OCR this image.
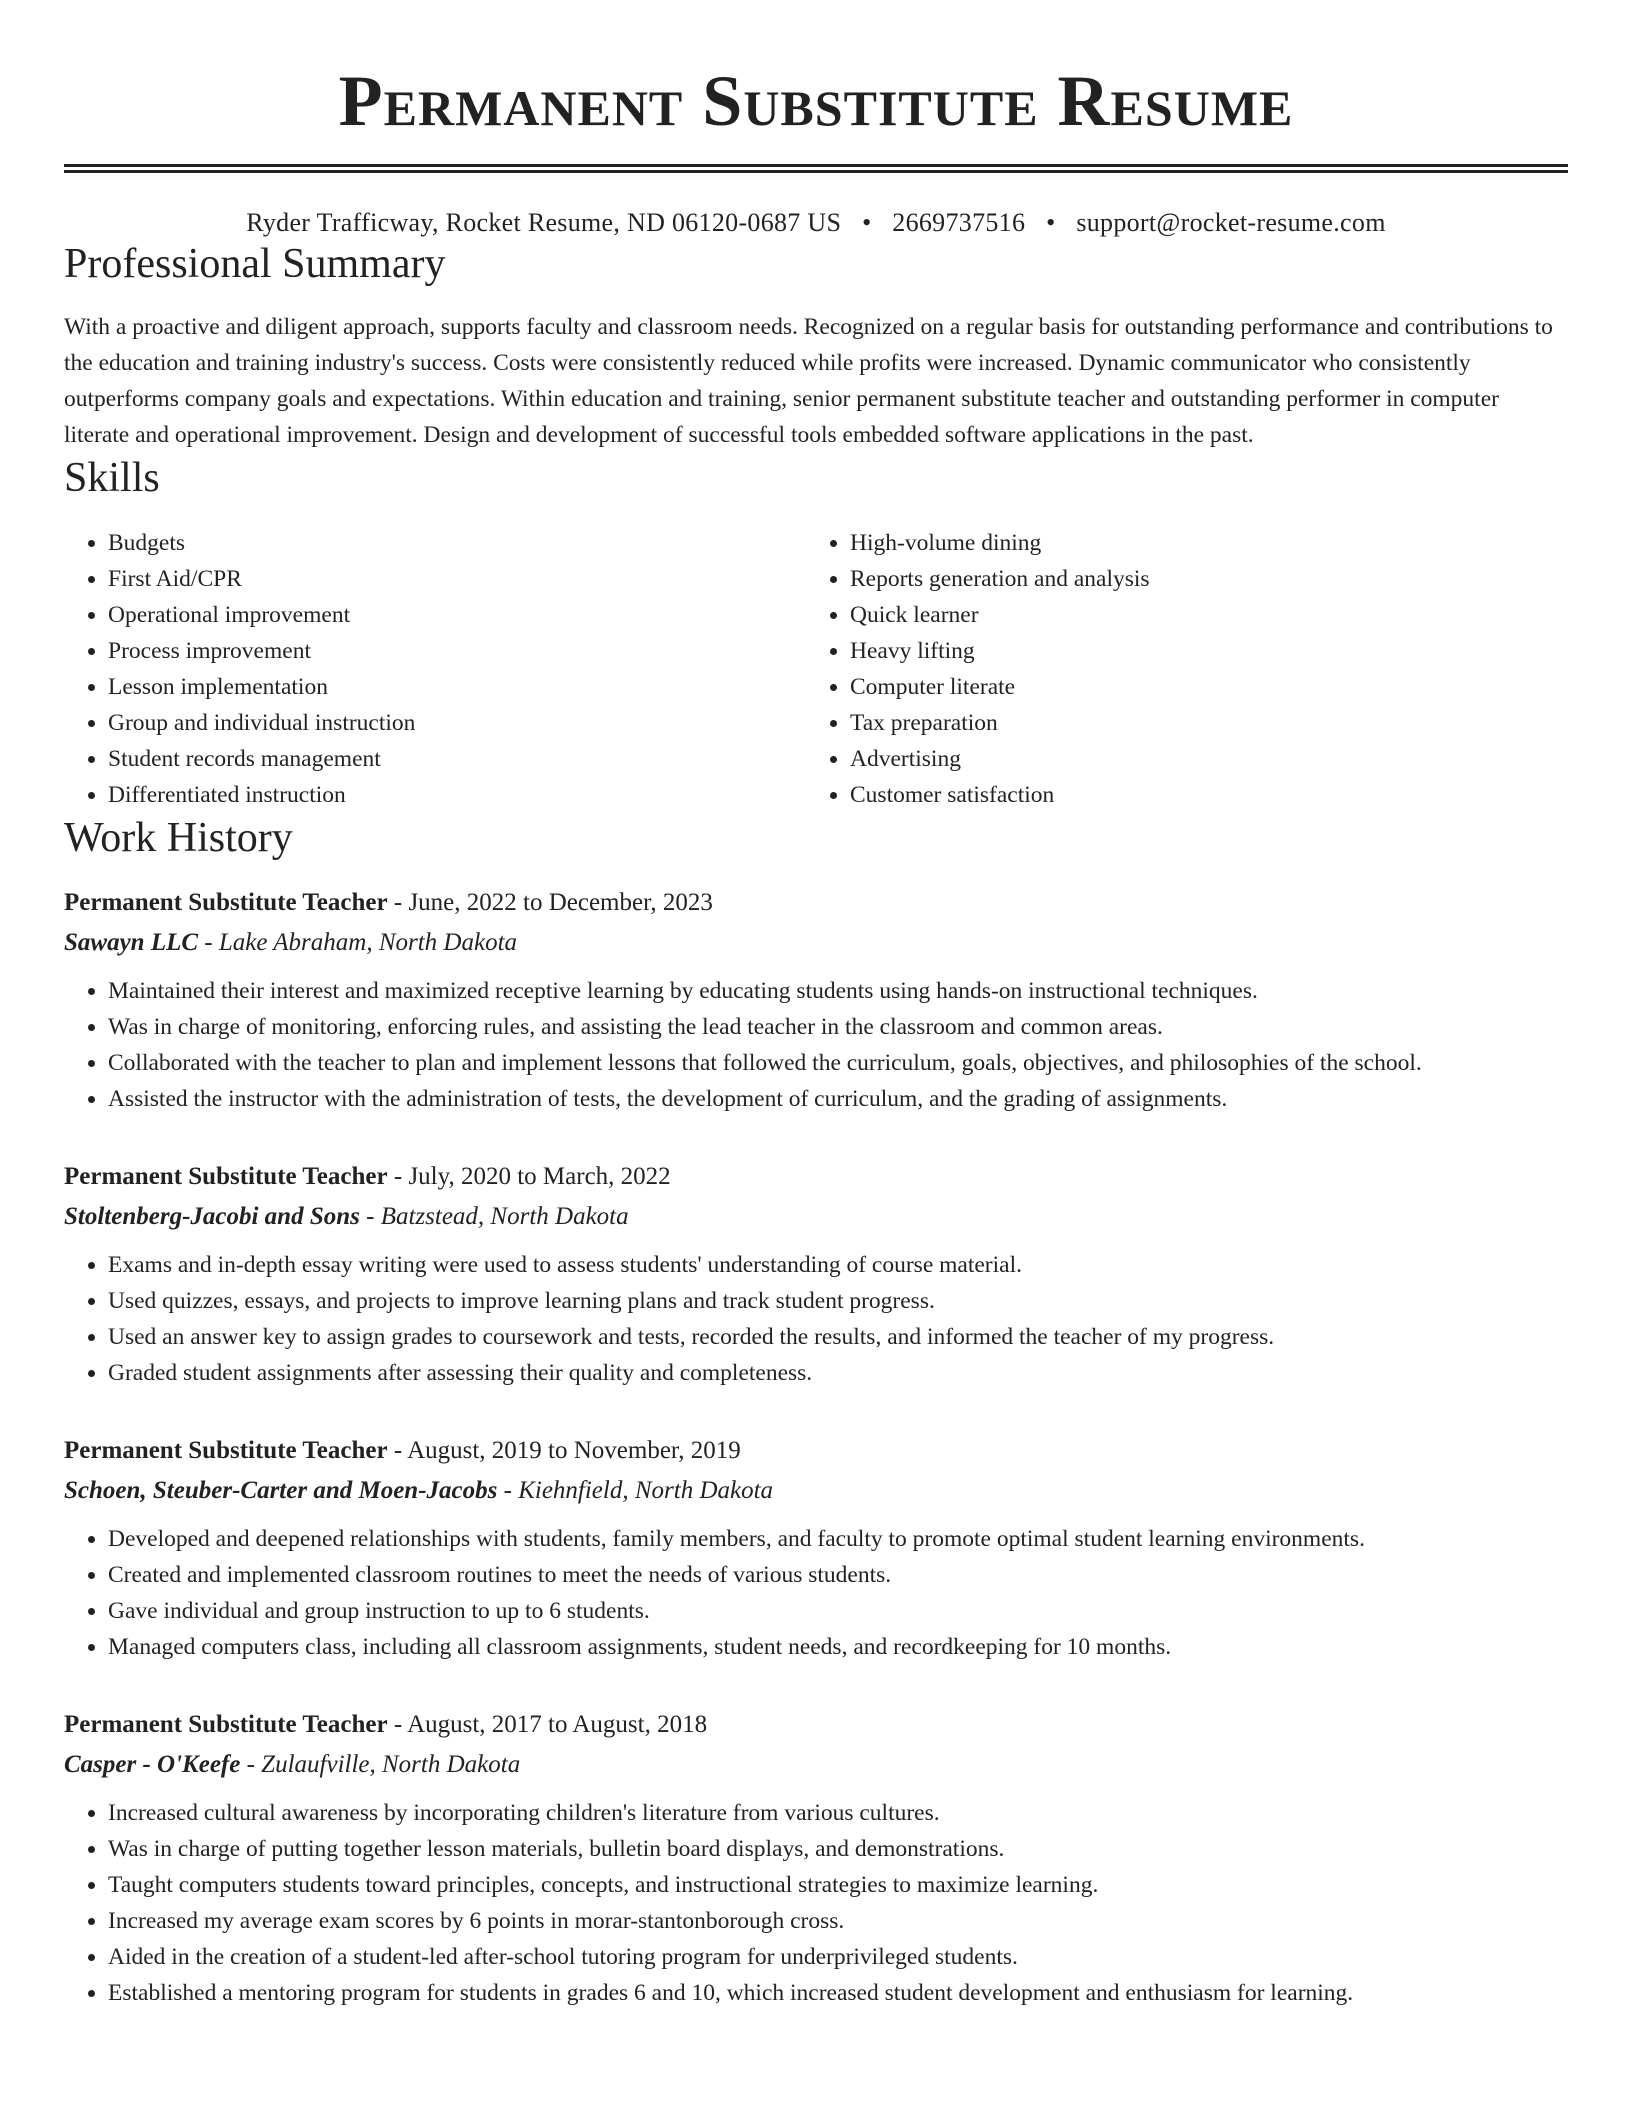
Permanent Substitute Resume
Ryder Trafficway, Rocket Resume, ND 06120-0687 US • 2669737516 • support@rocket-resume.com
Professional Summary

With a proactive and diligent approach, supports faculty and classroom needs. Recognized on a regular basis for outstanding performance and contributions to the education and training industry's success. Costs were consistently reduced while profits were increased. Dynamic communicator who consistently outperforms company goals and expectations. Within education and training, senior permanent substitute teacher and outstanding performer in computer literate and operational improvement. Design and development of successful tools embedded software applications in the past.

Skills
• Budgets
• First Aid/CPR
• Operational improvement
• Process improvement
• Lesson implementation
• Group and individual instruction
• Student records management
• Differentiated instruction
• High-volume dining
• Reports generation and analysis
• Quick learner
• Heavy lifting
• Computer literate
• Tax preparation
• Advertising
• Customer satisfaction
Work History
Permanent Substitute Teacher - June, 2022 to December, 2023
Sawayn LLC - Lake Abraham, North Dakota
• Maintained their interest and maximized receptive learning by educating students using hands-on instructional techniques.
• Was in charge of monitoring, enforcing rules, and assisting the lead teacher in the classroom and common areas.
• Collaborated with the teacher to plan and implement lessons that followed the curriculum, goals, objectives, and philosophies of the school.
• Assisted the instructor with the administration of tests, the development of curriculum, and the grading of assignments.
Permanent Substitute Teacher - July, 2020 to March, 2022
Stoltenberg-Jacobi and Sons - Batzstead, North Dakota
• Exams and in-depth essay writing were used to assess students' understanding of course material.
• Used quizzes, essays, and projects to improve learning plans and track student progress.
• Used an answer key to assign grades to coursework and tests, recorded the results, and informed the teacher of my progress.
• Graded student assignments after assessing their quality and completeness.
Permanent Substitute Teacher - August, 2019 to November, 2019
Schoen, Steuber-Carter and Moen-Jacobs - Kiehnfield, North Dakota
• Developed and deepened relationships with students, family members, and faculty to promote optimal student learning environments.
• Created and implemented classroom routines to meet the needs of various students.
• Gave individual and group instruction to up to 6 students.
• Managed computers class, including all classroom assignments, student needs, and recordkeeping for 10 months.
Permanent Substitute Teacher - August, 2017 to August, 2018
Casper - O'Keefe - Zulaufville, North Dakota
• Increased cultural awareness by incorporating children's literature from various cultures.
• Was in charge of putting together lesson materials, bulletin board displays, and demonstrations.
• Taught computers students toward principles, concepts, and instructional strategies to maximize learning.
• Increased my average exam scores by 6 points in morar-stantonborough cross.
• Aided in the creation of a student-led after-school tutoring program for underprivileged students.
• Established a mentoring program for students in grades 6 and 10, which increased student development and enthusiasm for learning.
